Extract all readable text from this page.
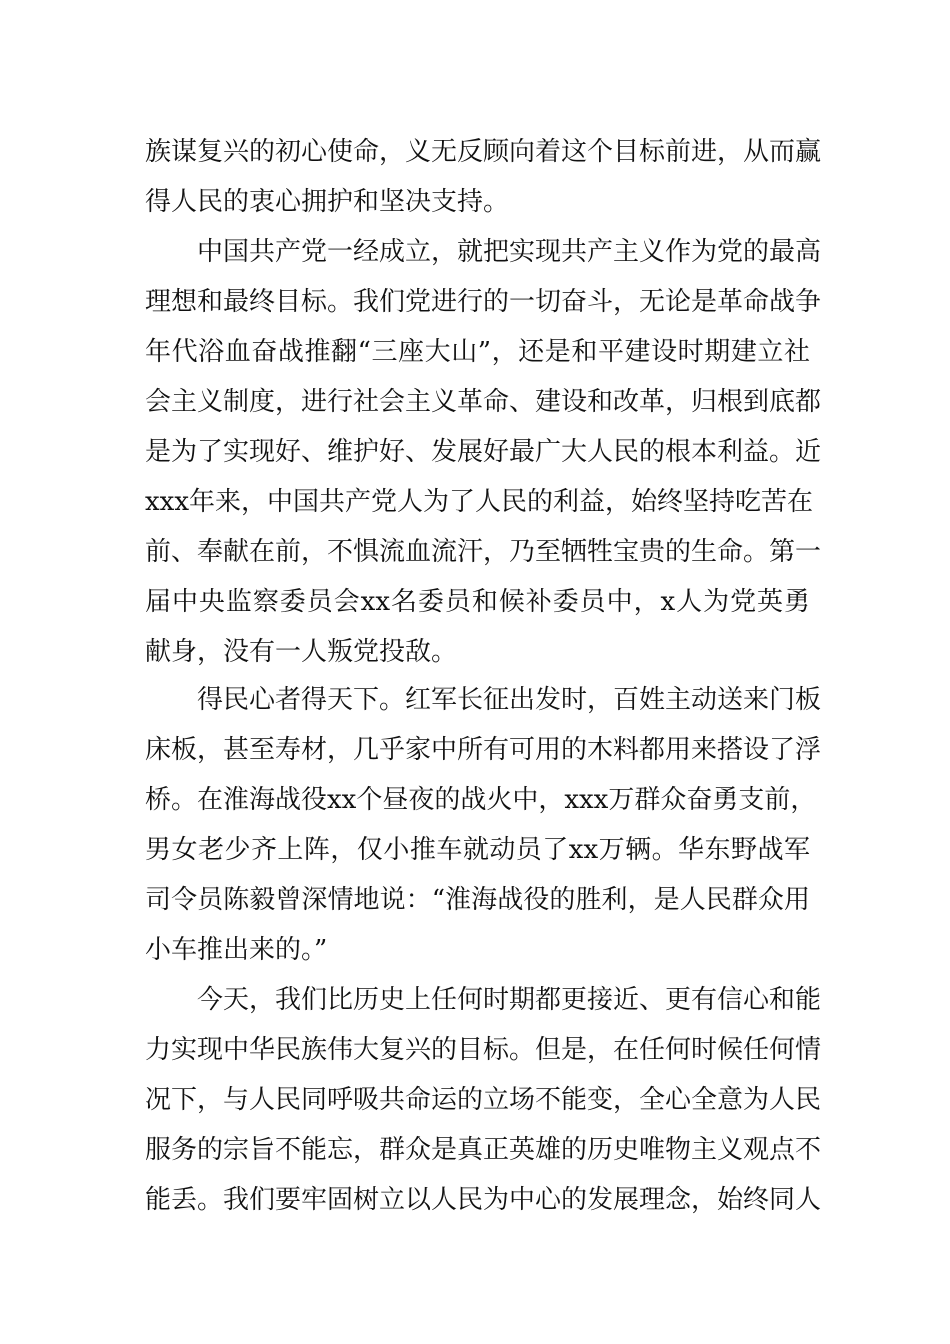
族谋复兴的初心使命，义无反顾向着这个目标前进，从而赢
得人民的衷心拥护和坚决支持。
中国共产党一经成立，就把实现共产主义作为党的最高
理想和最终目标。我们党进行的一切奋斗，无论是革命战争
年代浴血奋战推翻“三座大山”，还是和平建设时期建立社
会主义制度，进行社会主义革命、建设和改革，归根到底都
是为了实现好、维护好、发展好最广大人民的根本利益。近
xxx年来，中国共产党人为了人民的利益，始终坚持吃苦在
前、奉献在前，不惧流血流汗，乃至牺牲宝贵的生命。第一
届中央监察委员会xx名委员和候补委员中，x人为党英勇
献身，没有一人叛党投敌。
得民心者得天下。红军长征出发时，百姓主动送来门板
床板，甚至寿材，几乎家中所有可用的木料都用来搭设了浮
桥。在淮海战役xx个昼夜的战火中，xxx万群众奋勇支前，
男女老少齐上阵，仅小推车就动员了xx万辆。华东野战军
司令员陈毅曾深情地说：“淮海战役的胜利，是人民群众用
小车推出来的。”
今天，我们比历史上任何时期都更接近、更有信心和能
力实现中华民族伟大复兴的目标。但是，在任何时候任何情
况下，与人民同呼吸共命运的立场不能变，全心全意为人民
服务的宗旨不能忘，群众是真正英雄的历史唯物主义观点不
能丢。我们要牢固树立以人民为中心的发展理念，始终同人
